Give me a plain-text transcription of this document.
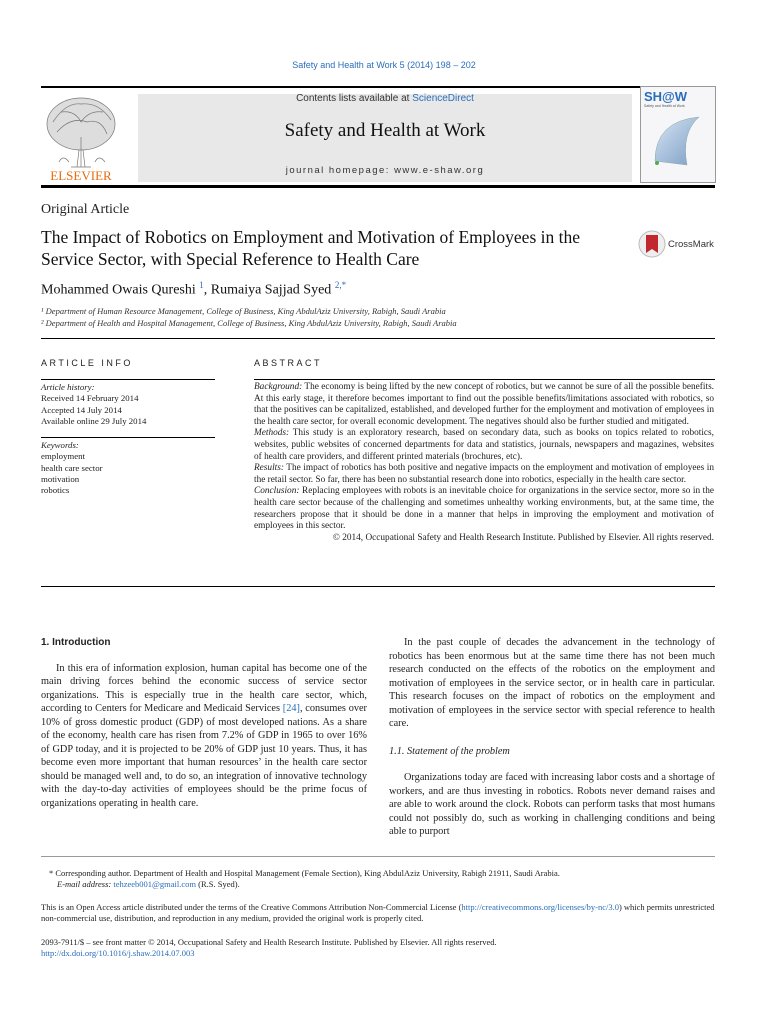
Safety and Health at Work 5 (2014) 198 – 202
ELSEVIER
Contents lists available at ScienceDirect
Safety and Health at Work
journal homepage: www.e-shaw.org
SH@W
Safety and Health at Work
Original Article
The Impact of Robotics on Employment and Motivation of Employees in the Service Sector, with Special Reference to Health Care
CrossMark
Mohammed Owais Qureshi $^1$, Rumaiya Sajjad Syed $^{2,*}$
¹ Department of Human Resource Management, College of Business, King AbdulAziz University, Rabigh, Saudi Arabia
² Department of Health and Hospital Management, College of Business, King AbdulAziz University, Rabigh, Saudi Arabia
ARTICLE INFO
Article history:
Received 14 February 2014
Accepted 14 July 2014
Available online 29 July 2014
Keywords:
employment
health care sector
motivation
robotics
ABSTRACT

Background: The economy is being lifted by the new concept of robotics, but we cannot be sure of all the possible benefits. At this early stage, it therefore becomes important to find out the possible benefits/limitations associated with robotics, so that the positives can be capitalized, established, and developed further for the employment and motivation of employees in the health care sector, for overall economic development. The negatives should also be further studied and mitigated.

Methods: This study is an exploratory research, based on secondary data, such as books on topics related to robotics, websites, public websites of concerned departments for data and statistics, journals, newspapers and magazines, websites of health care providers, and different printed materials (brochures, etc).

Results: The impact of robotics has both positive and negative impacts on the employment and motivation of employees in the retail sector. So far, there has been no substantial research done into robotics, especially in the health care sector.

Conclusion: Replacing employees with robots is an inevitable choice for organizations in the service sector, more so in the health care sector because of the challenging and sometimes unhealthy working environments, but, at the same time, the researchers propose that it should be done in a manner that helps in improving the employment and motivation of employees in this sector.

© 2014, Occupational Safety and Health Research Institute. Published by Elsevier. All rights reserved.

1. Introduction

In this era of information explosion, human capital has become one of the main driving forces behind the economic success of service sector organizations. This is especially true in the health care sector, which, according to Centers for Medicare and Medicaid Services [24], consumes over 10% of gross domestic product (GDP) of most developed nations. As a share of the economy, health care has risen from 7.2% of GDP in 1965 to over 16% of GDP today, and it is projected to be 20% of GDP just 10 years. Thus, it has become even more important that human resources’ in the health care sector should be managed well and, to do so, an integration of innovative technology with the day-to-day activities of employees should be the prime focus of organizations operating in health care.

In the past couple of decades the advancement in the technology of robotics has been enormous but at the same time there has not been much research conducted on the effects of the robotics on the employment and motivation of employees in the service sector, or in health care in particular. This research focuses on the impact of robotics on the employment and motivation of employees in the service sector with special reference to health care.

1.1. Statement of the problem

Organizations today are faced with increasing labor costs and a shortage of workers, and are thus investing in robotics. Robots never demand raises and are able to work around the clock. Robots can perform tasks that most humans could not possibly do, such as working in challenging conditions and being able to purport

* Corresponding author. Department of Health and Hospital Management (Female Section), King AbdulAziz University, Rabigh 21911, Saudi Arabia.
E-mail address: tehzeeb001@gmail.com (R.S. Syed).
This is an Open Access article distributed under the terms of the Creative Commons Attribution Non-Commercial License (http://creativecommons.org/licenses/by-nc/3.0) which permits unrestricted non-commercial use, distribution, and reproduction in any medium, provided the original work is properly cited.
2093-7911/$ – see front matter © 2014, Occupational Safety and Health Research Institute. Published by Elsevier. All rights reserved.
http://dx.doi.org/10.1016/j.shaw.2014.07.003
